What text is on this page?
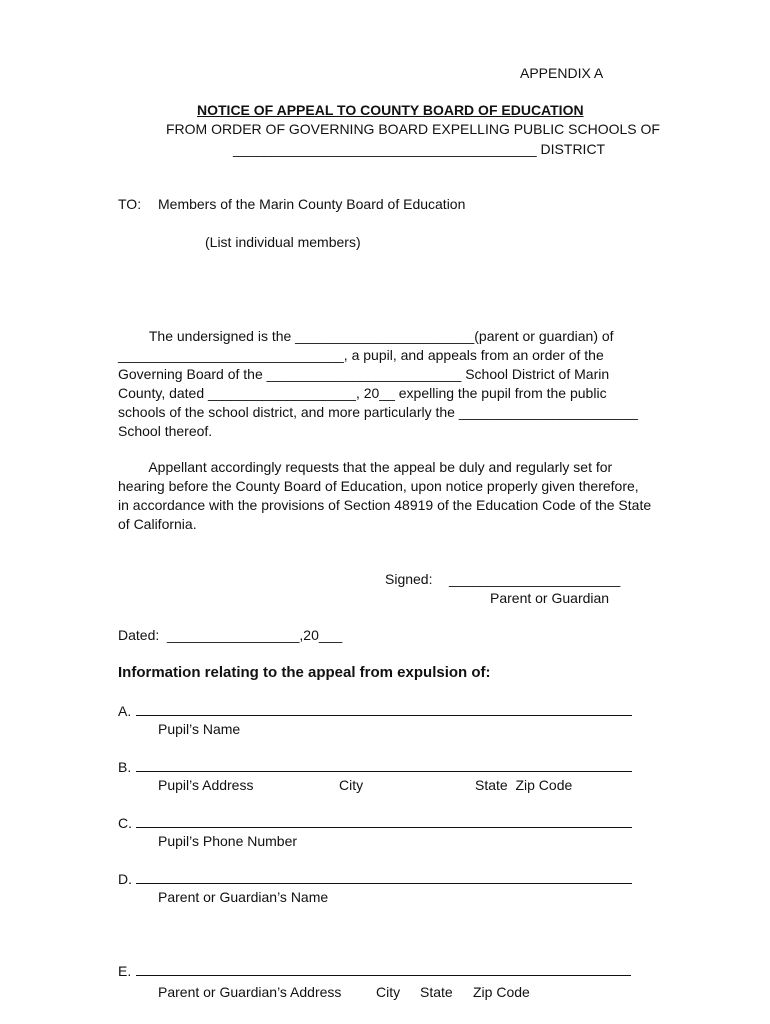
APPENDIX A
NOTICE OF APPEAL TO COUNTY BOARD OF EDUCATION
FROM ORDER OF GOVERNING BOARD EXPELLING PUBLIC SCHOOLS OF
_______________________________________ DISTRICT
TO: Members of the Marin County Board of Education
(List individual members)
The undersigned is the _______________________(parent or guardian) of
_____________________________, a pupil, and appeals from an order of the
Governing Board of the _________________________ School District of Marin
County, dated ___________________, 20__ expelling the pupil from the public
schools of the school district, and more particularly the _______________________
School thereof.
Appellant accordingly requests that the appeal be duly and regularly set for
hearing before the County Board of Education, upon notice properly given therefore,
in accordance with the provisions of Section 48919 of the Education Code of the State
of California.
Signed: ______________________
Parent or Guardian
Dated:  _________________,20___
Information relating to the appeal from expulsion of:
A.
Pupil’s Name
B.
Pupil’s Address	City	State  Zip Code
C.
Pupil’s Phone Number
D.
Parent or Guardian’s Name
E.
Parent or Guardian’s Address City State Zip Code
